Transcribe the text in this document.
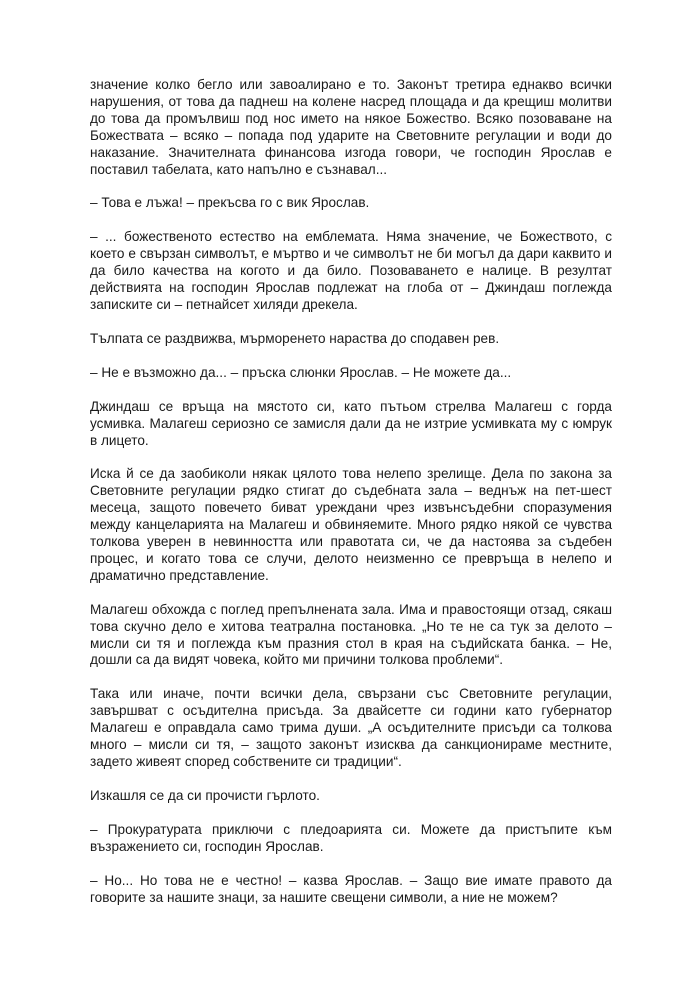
значение колко бегло или завоалирано е то. Законът третира еднакво всички нарушения, от това да паднеш на колене насред площада и да крещиш молитви до това да промълвиш под нос името на някое Божество. Всяко позоваване на Божествата – всяко – попада под ударите на Световните регулации и води до наказание. Значителната финансова изгода говори, че господин Ярослав е поставил табелата, като напълно е съзнавал...

– Това е лъжа! – прекъсва го с вик Ярослав.

– ... божественото естество на емблемата. Няма значение, че Божеството, с което е свързан символът, е мъртво и че символът не би могъл да дари каквито и да било качества на когото и да било. Позоваването е налице. В резултат действията на господин Ярослав подлежат на глоба от – Джиндаш поглежда записките си – петнайсет хиляди дрекела.

Тълпата се раздвижва, мърморенето нараства до сподавен рев.

– Не е възможно да... – пръска слюнки Ярослав. – Не можете да...

Джиндаш се връща на мястото си, като пътьом стрелва Малагеш с горда усмивка. Малагеш сериозно се замисля дали да не изтрие усмивката му с юмрук в лицето.

Иска й се да заобиколи някак цялото това нелепо зрелище. Дела по закона за Световните регулации рядко стигат до съдебната зала – веднъж на пет-шест месеца, защото повечето биват уреждани чрез извънсъдебни споразумения между канцеларията на Малагеш и обвиняемите. Много рядко някой се чувства толкова уверен в невинността или правотата си, че да настоява за съдебен процес, и когато това се случи, делото неизменно се превръща в нелепо и драматично представление.

Малагеш обхожда с поглед препълнената зала. Има и правостоящи отзад, сякаш това скучно дело е хитова театрална постановка. „Но те не са тук за делото – мисли си тя и поглежда към празния стол в края на съдийската банка. – Не, дошли са да видят човека, който ми причини толкова проблеми“.

Така или иначе, почти всички дела, свързани със Световните регулации, завършват с осъдителна присъда. За двайсетте си години като губернатор Малагеш е оправдала само трима души. „А осъдителните присъди са толкова много – мисли си тя, – защото законът изисква да санкционираме местните, задето живеят според собствените си традиции“.

Изкашля се да си прочисти гърлото.

– Прокуратурата приключи с пледоарията си. Можете да пристъпите към възражението си, господин Ярослав.

– Но... Но това не е честно! – казва Ярослав. – Защо вие имате правото да говорите за нашите знаци, за нашите свещени символи, а ние не можем?
